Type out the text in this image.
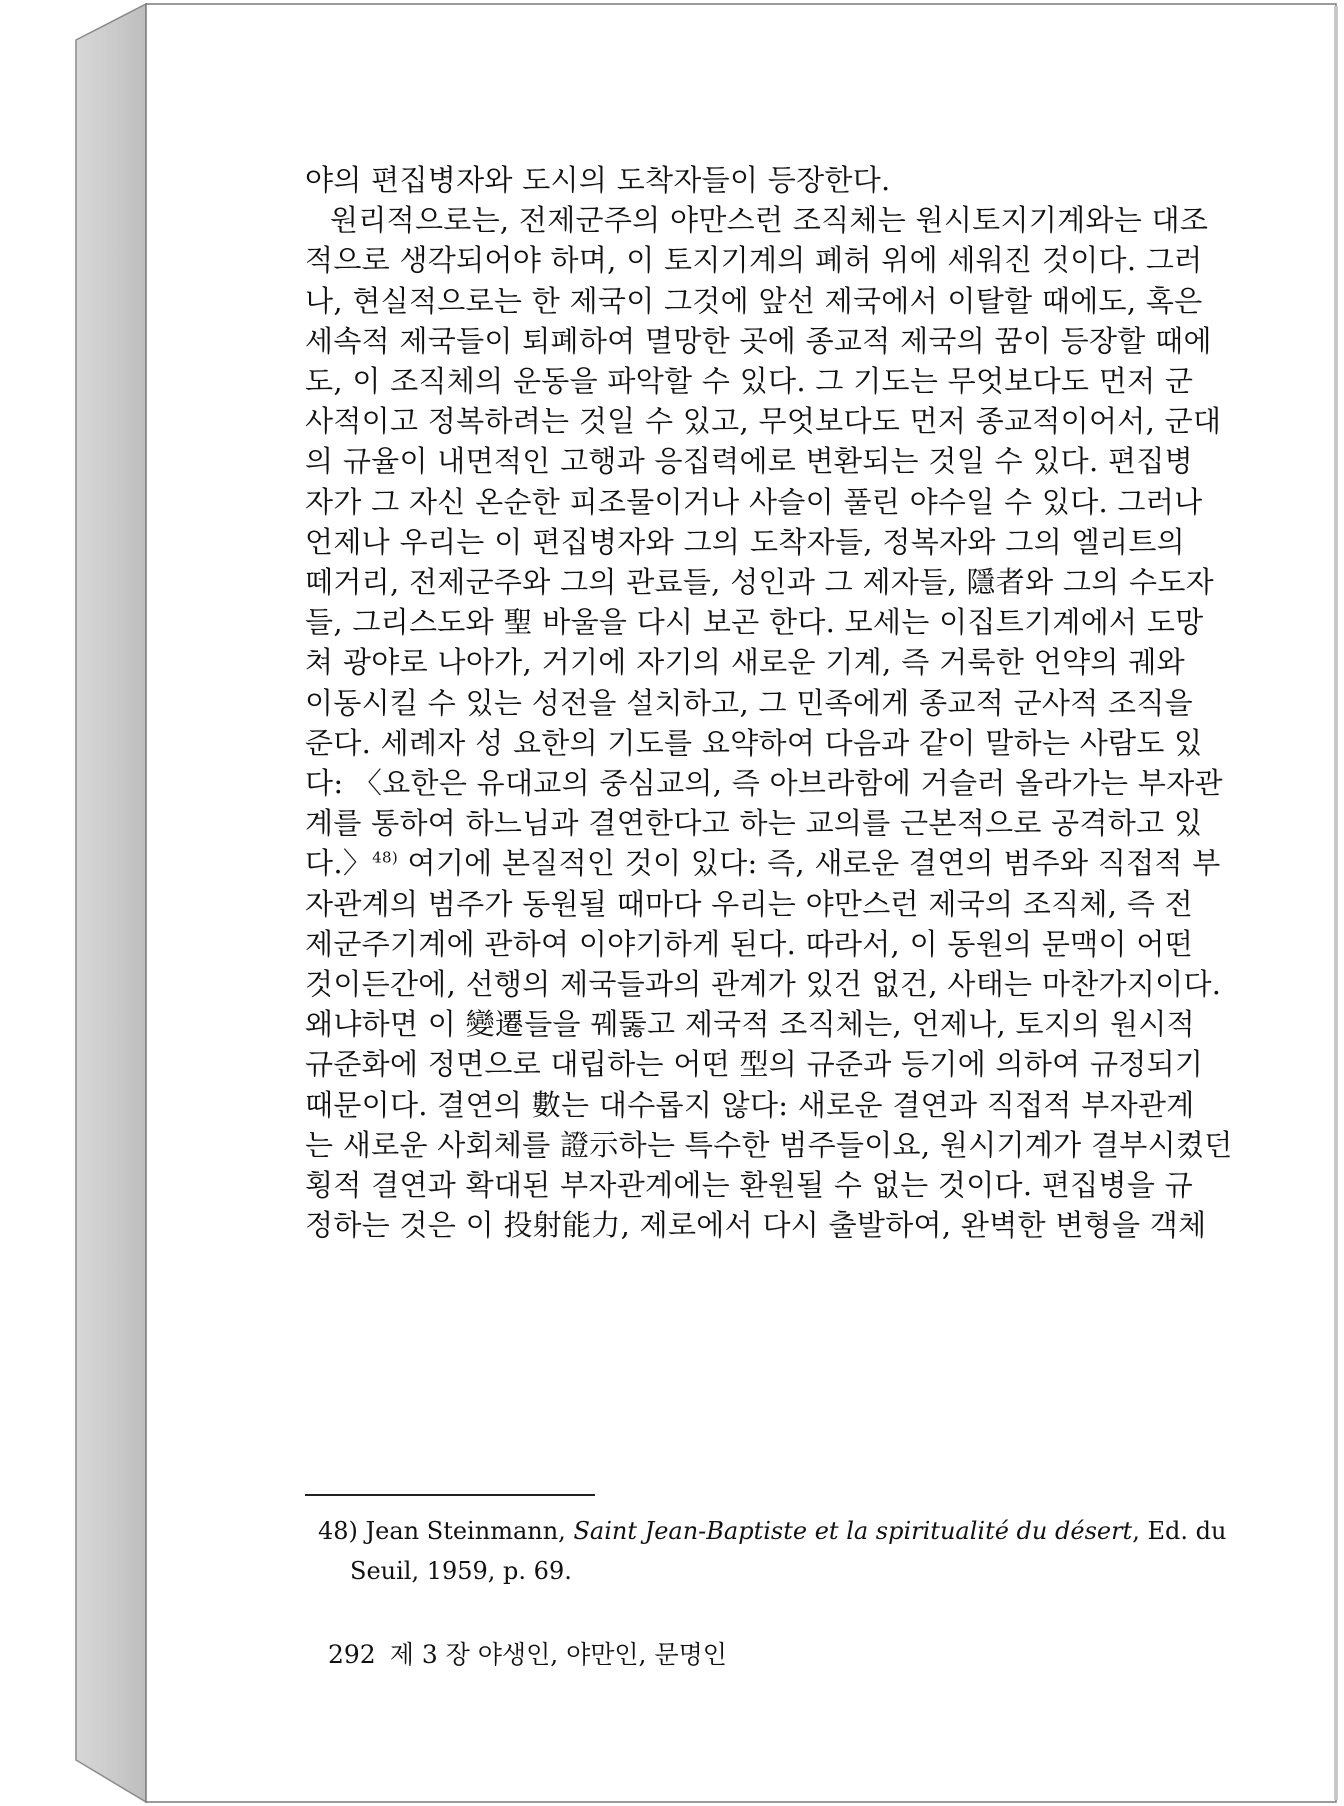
야의 편집병자와 도시의 도착자들이 등장한다.
원리적으로는, 전제군주의 야만스런 조직체는 원시토지기계와는 대조
적으로 생각되어야 하며, 이 토지기계의 폐허 위에 세워진 것이다. 그러
나, 현실적으로는 한 제국이 그것에 앞선 제국에서 이탈할 때에도, 혹은
세속적 제국들이 퇴폐하여 멸망한 곳에 종교적 제국의 꿈이 등장할 때에
도, 이 조직체의 운동을 파악할 수 있다. 그 기도는 무엇보다도 먼저 군
사적이고 정복하려는 것일 수 있고, 무엇보다도 먼저 종교적이어서, 군대
의 규율이 내면적인 고행과 응집력에로 변환되는 것일 수 있다. 편집병
자가 그 자신 온순한 피조물이거나 사슬이 풀린 야수일 수 있다. 그러나
언제나 우리는 이 편집병자와 그의 도착자들, 정복자와 그의 엘리트의
떼거리, 전제군주와 그의 관료들, 성인과 그 제자들, 隱者와 그의 수도자
들, 그리스도와 聖 바울을 다시 보곤 한다. 모세는 이집트기계에서 도망
쳐 광야로 나아가, 거기에 자기의 새로운 기계, 즉 거룩한 언약의 궤와
이동시킬 수 있는 성전을 설치하고, 그 민족에게 종교적 군사적 조직을
준다. 세례자 성 요한의 기도를 요약하여 다음과 같이 말하는 사람도 있
다: 〈요한은 유대교의 중심교의, 즉 아브라함에 거슬러 올라가는 부자관
계를 통하여 하느님과 결연한다고 하는 교의를 근본적으로 공격하고 있
다.〉$^{48)}$ 여기에 본질적인 것이 있다: 즉, 새로운 결연의 범주와 직접적 부
자관계의 범주가 동원될 때마다 우리는 야만스런 제국의 조직체, 즉 전
제군주기계에 관하여 이야기하게 된다. 따라서, 이 동원의 문맥이 어떤
것이든간에, 선행의 제국들과의 관계가 있건 없건, 사태는 마찬가지이다.
왜냐하면 이 變遷들을 꿰뚫고 제국적 조직체는, 언제나, 토지의 원시적
규준화에 정면으로 대립하는 어떤 型의 규준과 등기에 의하여 규정되기
때문이다. 결연의 數는 대수롭지 않다: 새로운 결연과 직접적 부자관계
는 새로운 사회체를 證示하는 특수한 범주들이요, 원시기계가 결부시켰던
횡적 결연과 확대된 부자관계에는 환원될 수 없는 것이다. 편집병을 규
정하는 것은 이 投射能力, 제로에서 다시 출발하여, 완벽한 변형을 객체
48) Jean Steinmann, Saint Jean-Baptiste et la spiritualité du désert, Ed. du
Seuil, 1959, p. 69.
292 제 3 장 야생인, 야만인, 문명인
